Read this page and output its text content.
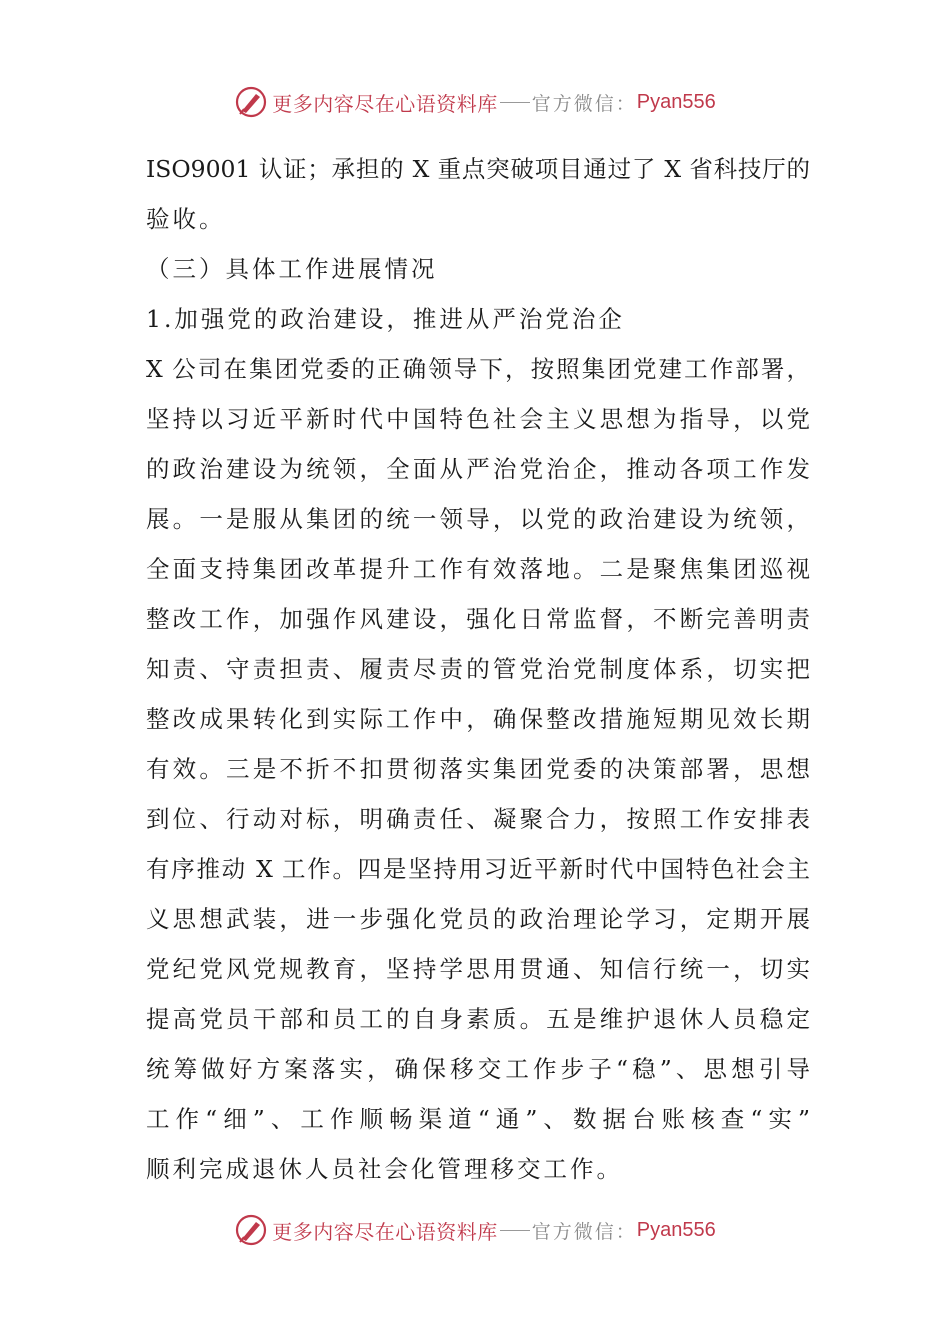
更多内容尽在心语资料库 官方微信： Pyan556
ISO9001 认证；承担的 X 重点突破项目通过了 X 省科技厅的
验收。
（三）具体工作进展情况
1.加强党的政治建设，推进从严治党治企
X 公司在集团党委的正确领导下，按照集团党建工作部署，
坚持以习近平新时代中国特色社会主义思想为指导，以党
的政治建设为统领，全面从严治党治企，推动各项工作发
展。一是服从集团的统一领导，以党的政治建设为统领，
全面支持集团改革提升工作有效落地。二是聚焦集团巡视
整改工作，加强作风建设，强化日常监督，不断完善明责
知责、守责担责、履责尽责的管党治党制度体系，切实把
整改成果转化到实际工作中，确保整改措施短期见效长期
有效。三是不折不扣贯彻落实集团党委的决策部署，思想
到位、行动对标，明确责任、凝聚合力，按照工作安排表
有序推动 X 工作。四是坚持用习近平新时代中国特色社会主
义思想武装，进一步强化党员的政治理论学习，定期开展
党纪党风党规教育，坚持学思用贯通、知信行统一，切实
提高党员干部和员工的自身素质。五是维护退休人员稳定
统筹做好方案落实，确保移交工作步子“稳”、思想引导
工作“细”、工作顺畅渠道“通”、数据台账核查“实”
顺利完成退休人员社会化管理移交工作。
更多内容尽在心语资料库 官方微信： Pyan556
